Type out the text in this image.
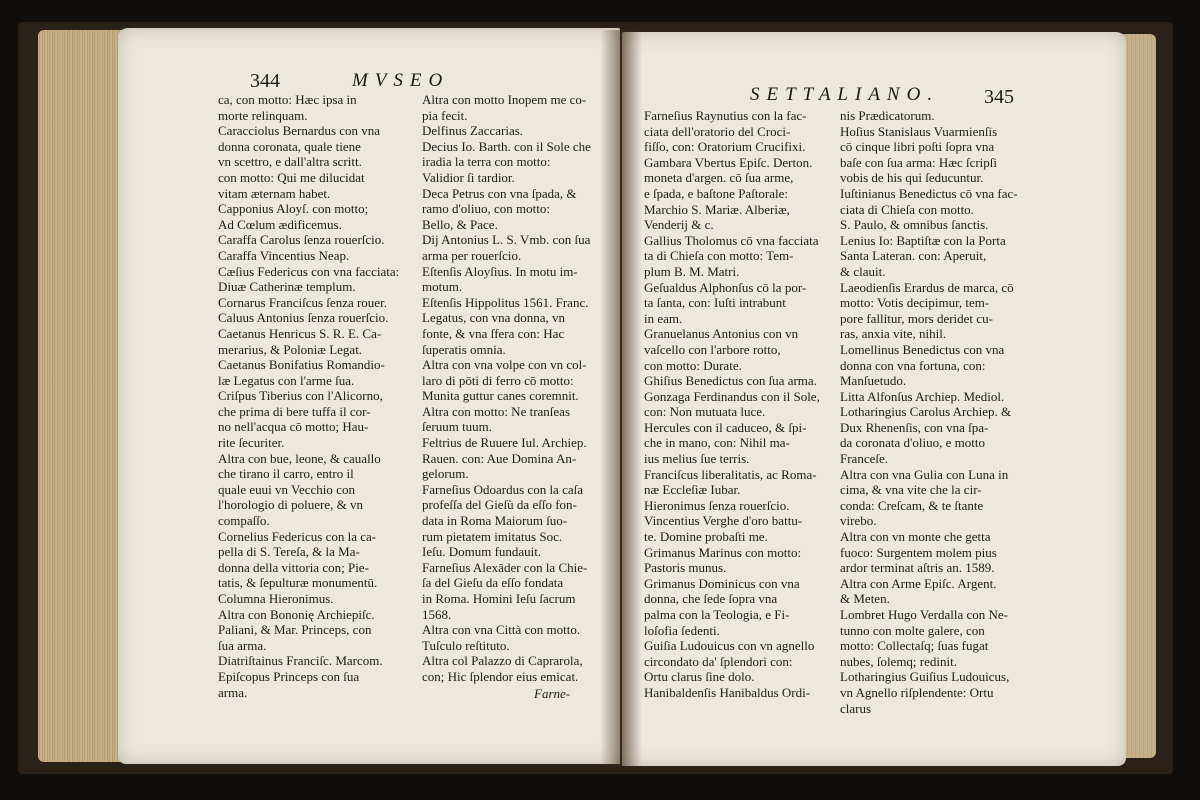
344	MVSEO

ca, con motto: Hæc ipsa in

morte relinquam.

Caracciolus Bernardus con vna

donna coronata, quale tiene

vn scettro, e dall'altra scritt.

con motto: Qui me dilucidat

vitam æternam habet.

Capponius Aloyſ. con motto;

Ad Cœlum ædificemus.

Caraffa Carolus ſenza rouerſcio.

Caraffa Vincentius Neap.

Cæſius Federicus con vna facciata:

Diuæ Catherinæ templum.

Cornarus Franciſcus ſenza rouer.

Caluus Antonius ſenza rouerſcio.

Caetanus Henricus S. R. E. Ca-

merarius, & Poloniæ Legat.

Caetanus Bonifatius Romandio-

læ Legatus con l'arme ſua.

Criſpus Tiberius con l'Alicorno,

che prima di bere tuffa il cor-

no nell'acqua cō motto; Hau-

rite ſecuriter.

Altra con bue, leone, & cauallo

che tirano il carro, entro il

quale euui vn Vecchio con

l'horologio di poluere, & vn

compaſſo.

Cornelius Federicus con la ca-

pella di S. Tereſa, & la Ma-

donna della vittoria con; Pie-

tatis, & ſepulturæ monumentū.

Columna Hieronimus.

Altra con Bononię Archiepiſc.

Paliani, & Mar. Princeps, con

ſua arma.

Diatriſtainus Franciſc. Marcom.

Epiſcopus Princeps con ſua

arma.

Altra con motto Inopem me co-

pia fecit.

Delfinus Zaccarias.

Decius Io. Barth. con il Sole che

iradia la terra con motto:

Validior ſi tardior.

Deca Petrus con vna ſpada, &

ramo d'oliuo, con motto:

Bello, & Pace.

Dij Antonius L. S. Vmb. con ſua

arma per rouerſcio.

Eſtenſis Aloyſius. In motu im-

motum.

Eſtenſis Hippolitus 1561. Franc.

Legatus, con vna donna, vn

fonte, & vna ſfera con: Hac

ſuperatis omnia.

Altra con vna volpe con vn col-

laro di pōti di ferro cō motto:

Munita guttur canes coremnit.

Altra con motto: Ne tranſeas

ſeruum tuum.

Feltrius de Ruuere Iul. Archiep.

Rauen. con: Aue Domina An-

gelorum.

Farneſius Odoardus con la caſa

profeſſa del Gieſù da eſſo fon-

data in Roma Maiorum ſuo-

rum pietatem imitatus Soc.

Ieſu. Domum fundauit.

Farneſius Alexāder con la Chie-

ſa del Gieſu da eſſo fondata

in Roma. Homini Ieſu ſacrum

1568.

Altra con vna Città con motto.

Tuſculo reſtituto.

Altra col Palazzo di Caprarola,

con; Hic ſplendor eius emicat.

Farne-
SETTALIANO. 345

Farneſius Raynutius con la fac-

ciata dell'oratorio del Croci-

fiſſo, con: Oratorium Crucifixi.

Gambara Vbertus Epiſc. Derton.

moneta d'argen. cō ſua arme,

e ſpada, e baſtone Paſtorale:

Marchio S. Mariæ. Alberiæ,

Venderij & c.

Gallius Tholomus cō vna facciata

ta di Chieſa con motto: Tem-

plum B. M. Matri.

Geſualdus Alphonſus cō la por-

ta ſanta, con: Iuſti intrabunt

in eam.

Granuelanus Antonius con vn

vaſcello con l'arbore rotto,

con motto: Durate.

Ghiſius Benedictus con ſua arma.

Gonzaga Ferdinandus con il Sole,

con: Non mutuata luce.

Hercules con il caduceo, & ſpi-

che in mano, con: Nihil ma-

ius melius ſue terris.

Franciſcus liberalitatis, ac Roma-

næ Eccleſiæ Iubar.

Hieronimus ſenza rouerſcio.

Vincentius Verghe d'oro battu-

te. Domine probaſti me.

Grimanus Marinus con motto:

Pastoris munus.

Grimanus Dominicus con vna

donna, che ſede ſopra vna

palma con la Teologia, e Fi-

loſofia ſedenti.

Guiſia Ludouicus con vn agnello

circondato da' ſplendori con:

Ortu clarus ſine dolo.

Hanibaldenſis Hanibaldus Ordi-

nis Prædicatorum.

Hoſius Stanislaus Vuarmienſis

cō cinque libri poſti ſopra vna

baſe con ſua arma: Hæc ſcripſi

vobis de his qui ſeducuntur.

Iuſtinianus Benedictus cō vna fac-

ciata di Chieſa con motto.

S. Paulo, & omnibus ſanctis.

Lenius Io: Baptiſtæ con la Porta

Santa Lateran. con: Aperuit,

& clauit.

Laeodienſis Erardus de marca, cō

motto: Votis decipimur, tem-

pore fallitur, mors deridet cu-

ras, anxia vite, nihil.

Lomellinus Benedictus con vna

donna con vna fortuna, con:

Manſuetudo.

Litta Alfonſus Archiep. Mediol.

Lotharingius Carolus Archiep. &

Dux Rhenenſis, con vna ſpa-

da coronata d'oliuo, e motto

Franceſe.

Altra con vna Gulia con Luna in

cima, & vna vite che la cir-

conda: Creſcam, & te ſtante

virebo.

Altra con vn monte che getta

fuoco: Surgentem molem pius

ardor terminat aſtris an. 1589.

Altra con Arme Epiſc. Argent.

& Meten.

Lombret Hugo Verdalla con Ne-

tunno con molte galere, con

motto: Collectaſq; ſuas fugat

nubes, ſolemq; redinit.

Lotharingius Guiſius Ludouicus,

vn Agnello riſplendente: Ortu

clarus
